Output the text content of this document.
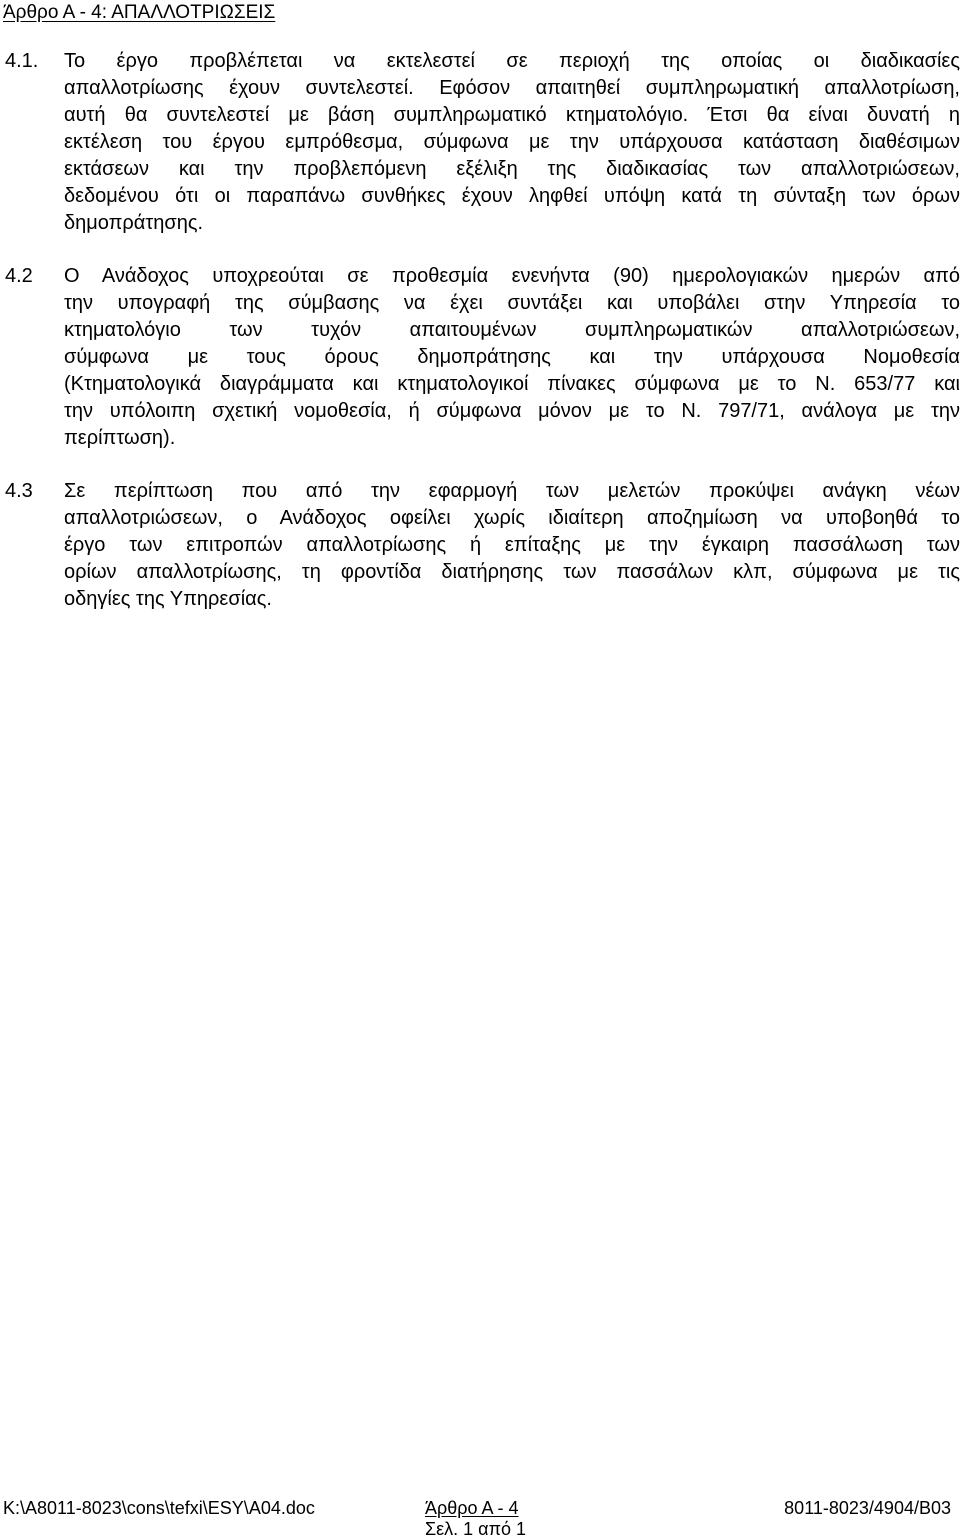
Άρθρο Α - 4: ΑΠΑΛΛΟΤΡΙΩΣΕΙΣ
4.1. Το έργο προβλέπεται να εκτελεστεί σε περιοχή της οποίας οι διαδικασίες
απαλλοτρίωσης έχουν συντελεστεί. Εφόσον απαιτηθεί συμπληρωματική απαλλοτρίωση,
αυτή θα συντελεστεί με βάση συμπληρωματικό κτηματολόγιο. Έτσι θα είναι δυνατή η
εκτέλεση του έργου εμπρόθεσμα, σύμφωνα με την υπάρχουσα κατάσταση διαθέσιμων
εκτάσεων και την προβλεπόμενη εξέλιξη της διαδικασίας των απαλλοτριώσεων,
δεδομένου ότι οι παραπάνω συνθήκες έχουν ληφθεί υπόψη κατά τη σύνταξη των όρων
δημοπράτησης.
4.2 Ο Ανάδοχος υποχρεούται σε προθεσμία ενενήντα (90) ημερολογιακών ημερών από
την υπογραφή της σύμβασης να έχει συντάξει και υποβάλει στην Υπηρεσία το
κτηματολόγιο των τυχόν απαιτουμένων συμπληρωματικών απαλλοτριώσεων,
σύμφωνα με τους όρους δημοπράτησης και την υπάρχουσα Νομοθεσία
(Κτηματολογικά διαγράμματα και κτηματολογικοί πίνακες σύμφωνα με το Ν. 653/77 και
την υπόλοιπη σχετική νομοθεσία, ή σύμφωνα μόνον με το Ν. 797/71, ανάλογα με την
περίπτωση).
4.3 Σε περίπτωση που από την εφαρμογή των μελετών προκύψει ανάγκη νέων
απαλλοτριώσεων, ο Ανάδοχος οφείλει χωρίς ιδιαίτερη αποζημίωση να υποβοηθά το
έργο των επιτροπών απαλλοτρίωσης ή επίταξης με την έγκαιρη πασσάλωση των
ορίων απαλλοτρίωσης, τη φροντίδα διατήρησης των πασσάλων κλπ, σύμφωνα με τις
οδηγίες της Υπηρεσίας.
K:\A8011-8023\cons\tefxi\ESY\A04.doc	Άρθρο Α - 4	8011-8023/4904/B03
Σελ. 1 από 1
